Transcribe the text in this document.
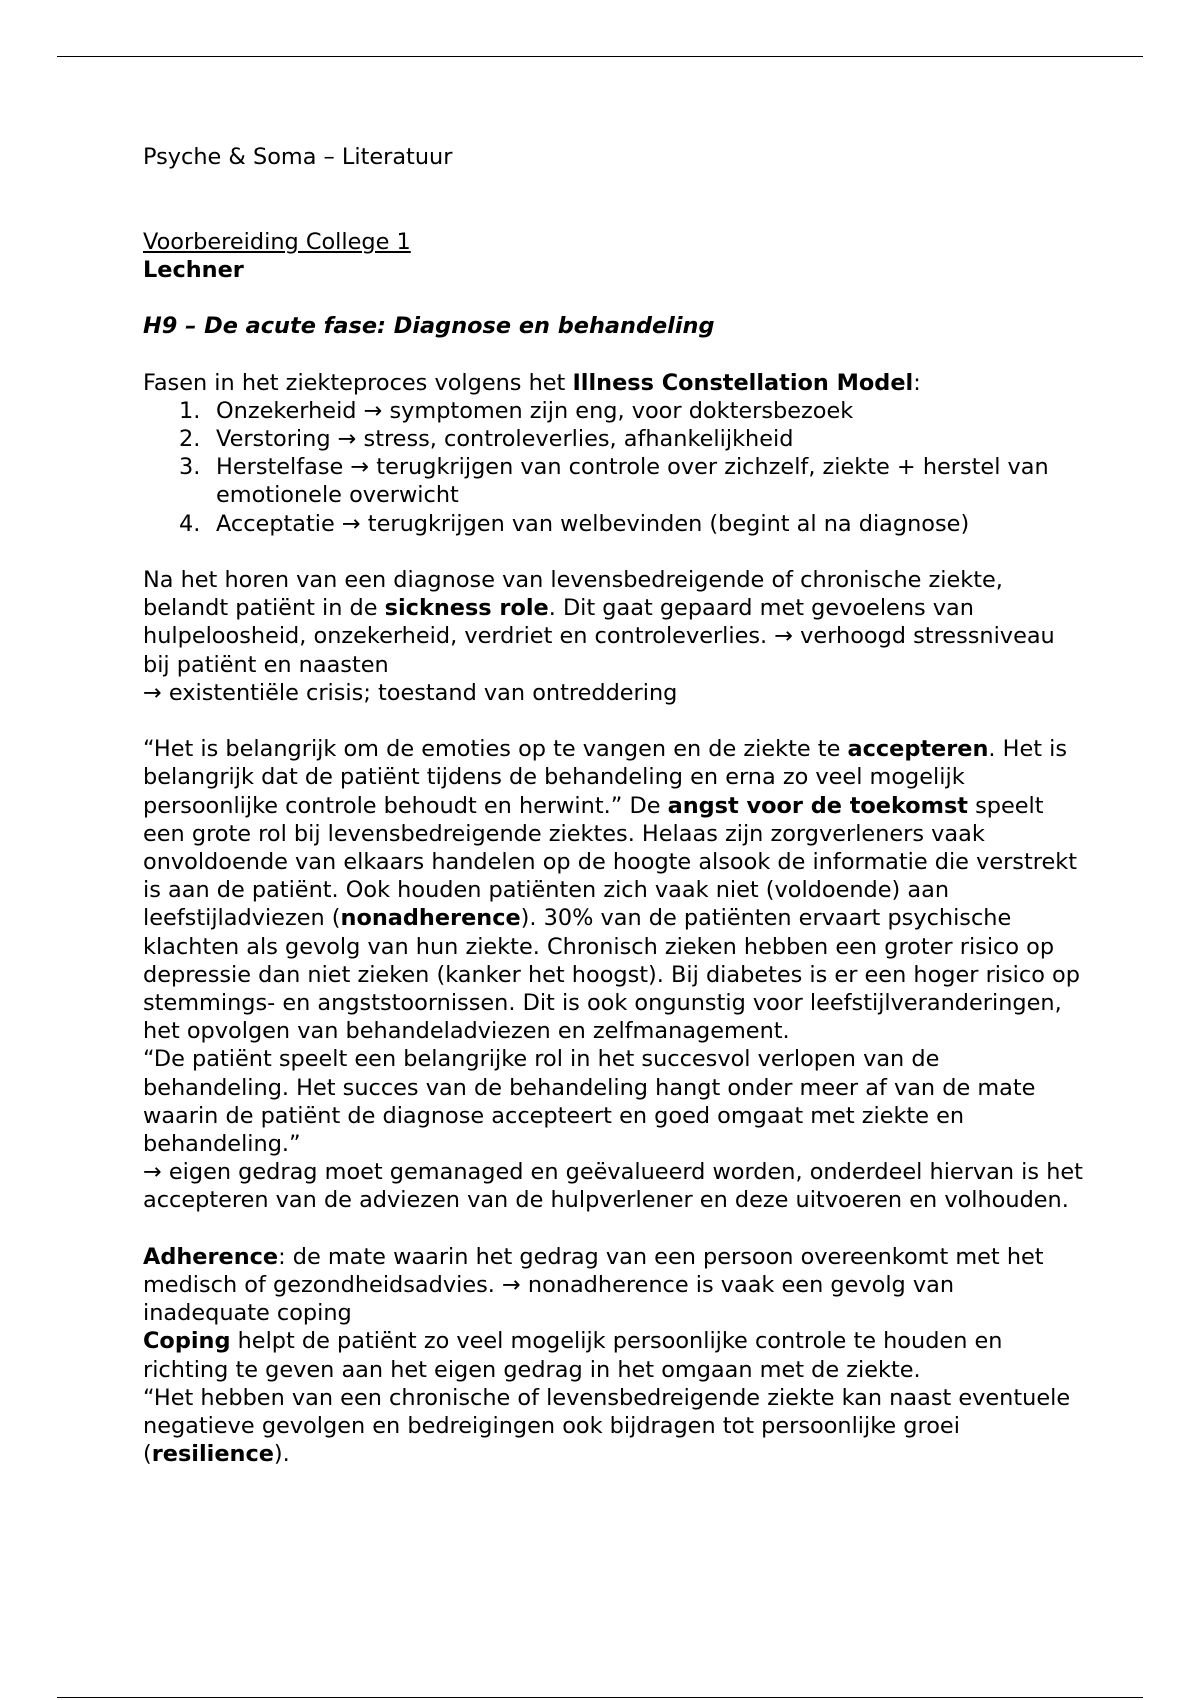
Psyche & Soma – Literatuur

Voorbereiding College 1

Lechner

H9 – De acute fase: Diagnose en behandeling

Fasen in het ziekteproces volgens het Illness Constellation Model:

1. Onzekerheid → symptomen zijn eng, voor doktersbezoek
2. Verstoring → stress, controleverlies, afhankelijkheid
3. Herstelfase → terugkrijgen van controle over zichzelf, ziekte + herstel van emotionele overwicht
4. Acceptatie → terugkrijgen van welbevinden (begint al na diagnose)

Na het horen van een diagnose van levensbedreigende of chronische ziekte, belandt patiënt in de sickness role. Dit gaat gepaard met gevoelens van hulpeloosheid, onzekerheid, verdriet en controleverlies. → verhoogd stressniveau bij patiënt en naasten

→ existentiële crisis; toestand van ontreddering

“Het is belangrijk om de emoties op te vangen en de ziekte te accepteren. Het is belangrijk dat de patiënt tijdens de behandeling en erna zo veel mogelijk persoonlijke controle behoudt en herwint.” De angst voor de toekomst speelt een grote rol bij levensbedreigende ziektes. Helaas zijn zorgverleners vaak onvoldoende van elkaars handelen op de hoogte alsook de informatie die verstrekt is aan de patiënt. Ook houden patiënten zich vaak niet (voldoende) aan leefstijladviezen (nonadherence). 30% van de patiënten ervaart psychische klachten als gevolg van hun ziekte. Chronisch zieken hebben een groter risico op depressie dan niet zieken (kanker het hoogst). Bij diabetes is er een hoger risico op stemmings- en angststoornissen. Dit is ook ongunstig voor leefstijlveranderingen, het opvolgen van behandeladviezen en zelfmanagement.

“De patiënt speelt een belangrijke rol in het succesvol verlopen van de behandeling. Het succes van de behandeling hangt onder meer af van de mate waarin de patiënt de diagnose accepteert en goed omgaat met ziekte en behandeling.”

→ eigen gedrag moet gemanaged en geëvalueerd worden, onderdeel hiervan is het accepteren van de adviezen van de hulpverlener en deze uitvoeren en volhouden.

Adherence: de mate waarin het gedrag van een persoon overeenkomt met het medisch of gezondheidsadvies. → nonadherence is vaak een gevolg van inadequate coping

Coping helpt de patiënt zo veel mogelijk persoonlijke controle te houden en richting te geven aan het eigen gedrag in het omgaan met de ziekte.

“Het hebben van een chronische of levensbedreigende ziekte kan naast eventuele negatieve gevolgen en bedreigingen ook bijdragen tot persoonlijke groei (resilience).
